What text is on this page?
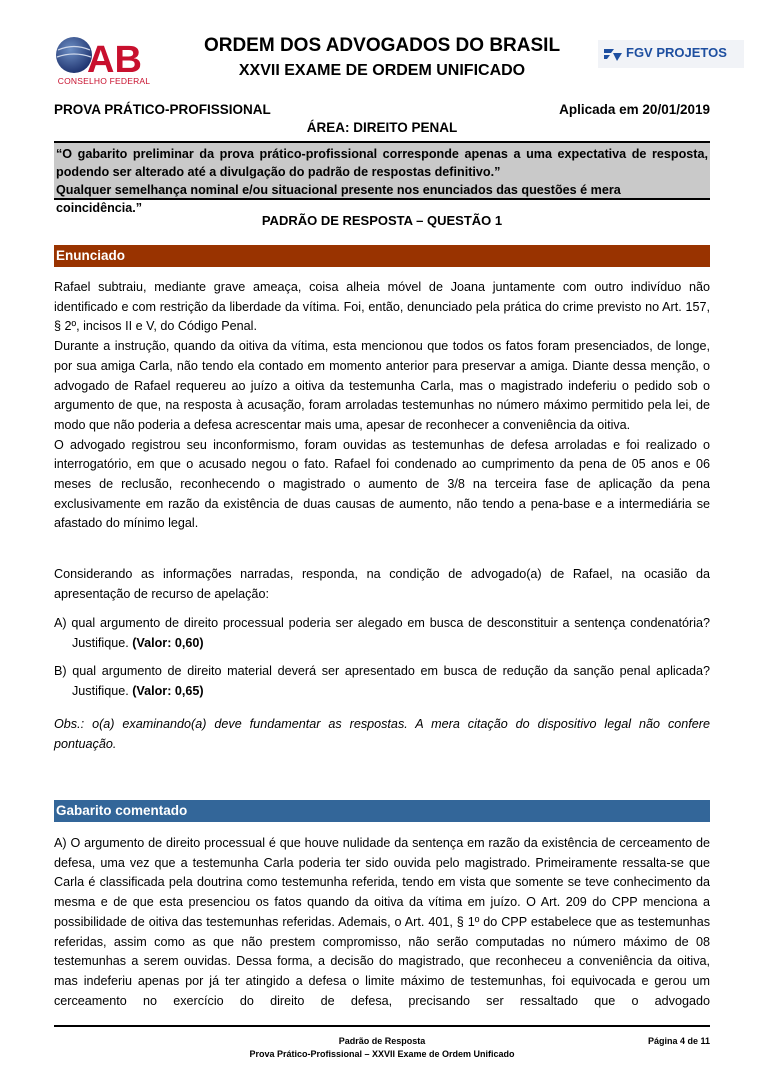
AB
CONSELHO FEDERAL
ORDEM DOS ADVOGADOS DO BRASIL
XXVII EXAME DE ORDEM UNIFICADO
FGV PROJETOS
PROVA PRÁTICO-PROFISSIONAL	Aplicada em 20/01/2019
ÁREA: DIREITO PENAL
“O gabarito preliminar da prova prático-profissional corresponde apenas a uma expectativa de resposta,
podendo ser alterado até a divulgação do padrão de respostas definitivo.”
Qualquer semelhança nominal e/ou situacional presente nos enunciados das questões é mera coincidência.”
PADRÃO DE RESPOSTA – QUESTÃO 1
Enunciado

Rafael subtraiu, mediante grave ameaça, coisa alheia móvel de Joana juntamente com outro indivíduo não identificado e com restrição da liberdade da vítima. Foi, então, denunciado pela prática do crime previsto no Art. 157, § 2º, incisos II e V, do Código Penal.

Durante a instrução, quando da oitiva da vítima, esta mencionou que todos os fatos foram presenciados, de longe, por sua amiga Carla, não tendo ela contado em momento anterior para preservar a amiga. Diante dessa menção, o advogado de Rafael requereu ao juízo a oitiva da testemunha Carla, mas o magistrado indeferiu o pedido sob o argumento de que, na resposta à acusação, foram arroladas testemunhas no número máximo permitido pela lei, de modo que não poderia a defesa acrescentar mais uma, apesar de reconhecer a conveniência da oitiva.

O advogado registrou seu inconformismo, foram ouvidas as testemunhas de defesa arroladas e foi realizado o interrogatório, em que o acusado negou o fato. Rafael foi condenado ao cumprimento da pena de 05 anos e 06 meses de reclusão, reconhecendo o magistrado o aumento de 3/8 na terceira fase de aplicação da pena exclusivamente em razão da existência de duas causas de aumento, não tendo a pena-base e a intermediária se afastado do mínimo legal.

Considerando as informações narradas, responda, na condição de advogado(a) de Rafael, na ocasião da apresentação de recurso de apelação:

A) qual argumento de direito processual poderia ser alegado em busca de desconstituir a sentença condenatória? Justifique. (Valor: 0,60)

B) qual argumento de direito material deverá ser apresentado em busca de redução da sanção penal aplicada? Justifique. (Valor: 0,65)

Obs.: o(a) examinando(a) deve fundamentar as respostas. A mera citação do dispositivo legal não confere pontuação.

Gabarito comentado

A) O argumento de direito processual é que houve nulidade da sentença em razão da existência de cerceamento de defesa, uma vez que a testemunha Carla poderia ter sido ouvida pelo magistrado. Primeiramente ressalta-se que Carla é classificada pela doutrina como testemunha referida, tendo em vista que somente se teve conhecimento da mesma e de que esta presenciou os fatos quando da oitiva da vítima em juízo. O Art. 209 do CPP menciona a possibilidade de oitiva das testemunhas referidas. Ademais, o Art. 401, § 1º do CPP estabelece que as testemunhas referidas, assim como as que não prestem compromisso, não serão computadas no número máximo de 08 testemunhas a serem ouvidas. Dessa forma, a decisão do magistrado, que reconheceu a conveniência da oitiva, mas indeferiu apenas por já ter atingido a defesa o limite máximo de testemunhas, foi equivocada e gerou um cerceamento no exercício do direito de defesa, precisando ser ressaltado que o advogado

Padrão de Resposta
Prova Prático-Profissional – XXVII Exame de Ordem Unificado
Página 4 de 11
